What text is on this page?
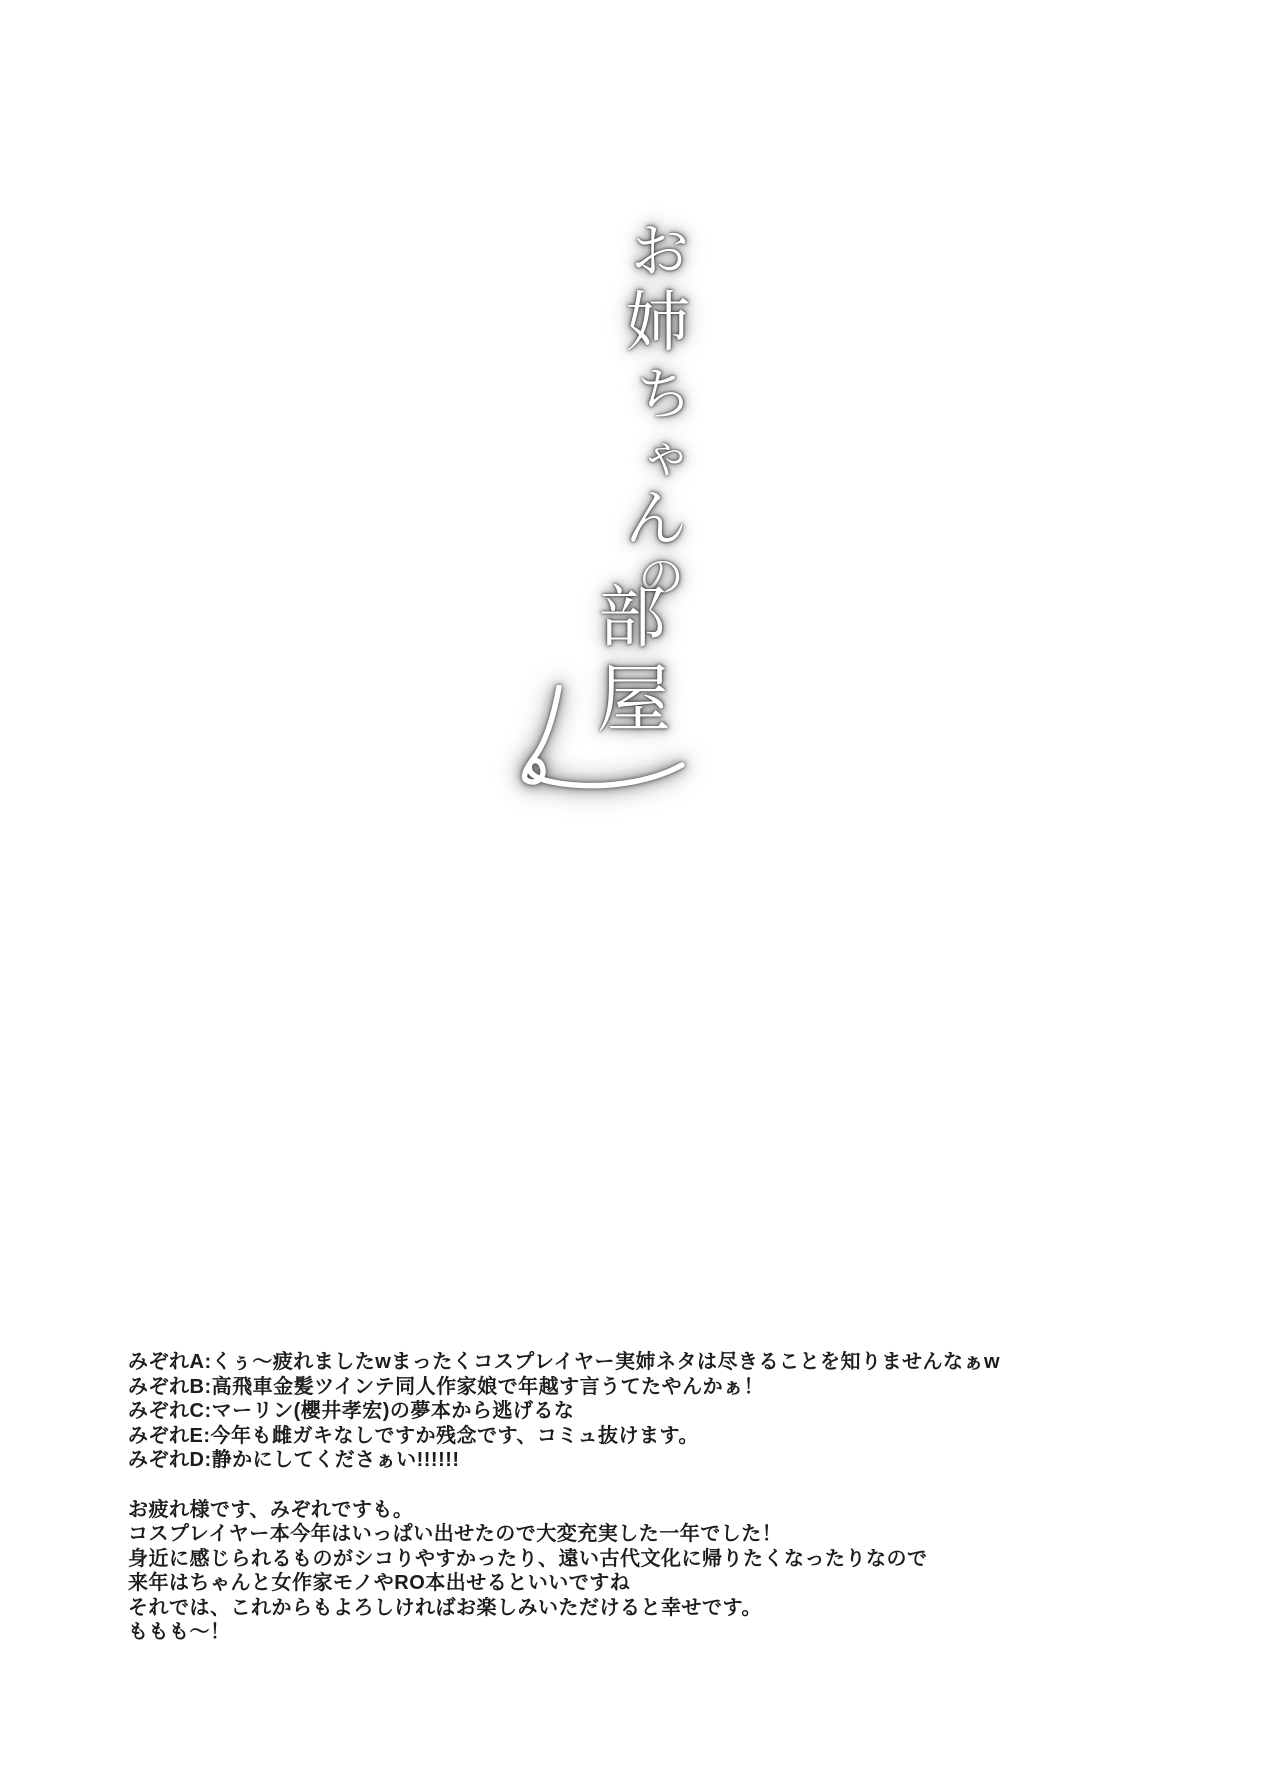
お
姉
ち
ゃ
ん
の
部
屋
みぞれA:くぅ〜疲れましたwまったくコスプレイヤー実姉ネタは尽きることを知りませんなぁw
みぞれB:高飛車金髪ツインテ同人作家娘で年越す言うてたやんかぁ！
みぞれC:マーリン(櫻井孝宏)の夢本から逃げるな
みぞれE:今年も雌ガキなしですか残念です、コミュ抜けます。
みぞれD:静かにしてくださぁい!!!!!!
お疲れ様です、みぞれですも。
コスプレイヤー本今年はいっぱい出せたので大変充実した一年でした！
身近に感じられるものがシコりやすかったり、遠い古代文化に帰りたくなったりなので
来年はちゃんと女作家モノやRO本出せるといいですね
それでは、これからもよろしければお楽しみいただけると幸せです。
ももも〜！
